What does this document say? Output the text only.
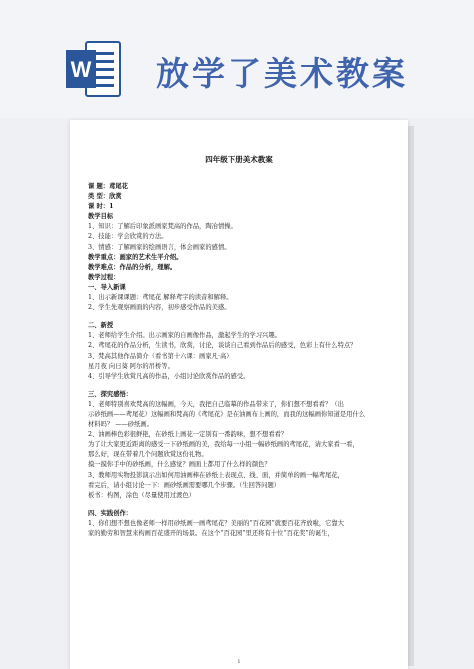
W 放学了美术教案
四年级下册美术教案
课 题：鸢尾花
类 型：欣赏
课 时：1
教学目标
1、知识：了解后印象派画家梵高的作品，陶冶情操。
2、技能：学会欣赏的方法。
3、情感：了解画家的绘画语言，体会画家的感情。
教学重点：画家的艺术生平介绍。
教学难点：作品的分析，理解。
教学过程：
一、导入新课
1、出示新课课题：鸢尾花 解释鸢字的读音和解释。
2、学生先观察画面的内容，初步感受作品的美感。
二、新授
1、老师给学生介绍。出示画家的自画像作品，激起学生的学习兴趣。
2、鸢尾花的作品分析，生读书，欣赏，讨论，谈谈自己看到作品后的感受，色彩上有什么特点？
3、梵高其他作品简介（看书第十六课：画家凡·高）
星月夜 向日葵 阿尔的吊桥等。
4、引导学生欣赏凡高的作品，小组讨论欣赏作品的感受。
三、探究感悟：
1、老师特别喜欢梵高的这幅画，今天，我把自己临摹的作品带来了，你们想不想看看？（出
示砂纸画——鸢尾花）这幅画和梵高的《鸢尾花》是在油画布上画的，而我的这幅画你知道是用什么
材料吗？ ——砂纸画。
2、油画棒色彩很鲜艳，在砂纸上画花一定别有一番韵味，想不想看看？
为了让大家更近距离的感受一下砂纸画的美，我给每一小组一幅砂纸画的鸢尾花，请大家看一看，
那么好，现在带着几个问题欣赏这份礼物。
摸一摸你手中的砂纸画，什么感觉？画面上都用了什么样的颜色？
3、教师用实物投影演示出如何用油画棒在砂纸上表现点、线、面，并简单的画一幅鸢尾花，
看完后，请小组讨论一下：画砂纸画需要哪几个步骤。（生回答问题）
板书：构图，涂色（尽量使用过渡色）
四、实践创作：
1、你们想不想也像老师一样用砂纸画一画鸢尾花？美丽的“百花园”就要百花齐放啦，它靠大
家的勤劳和智慧来构画百花盛开的场景。在这个“百花园”里还将有十位“百花奖”的诞生，
1
